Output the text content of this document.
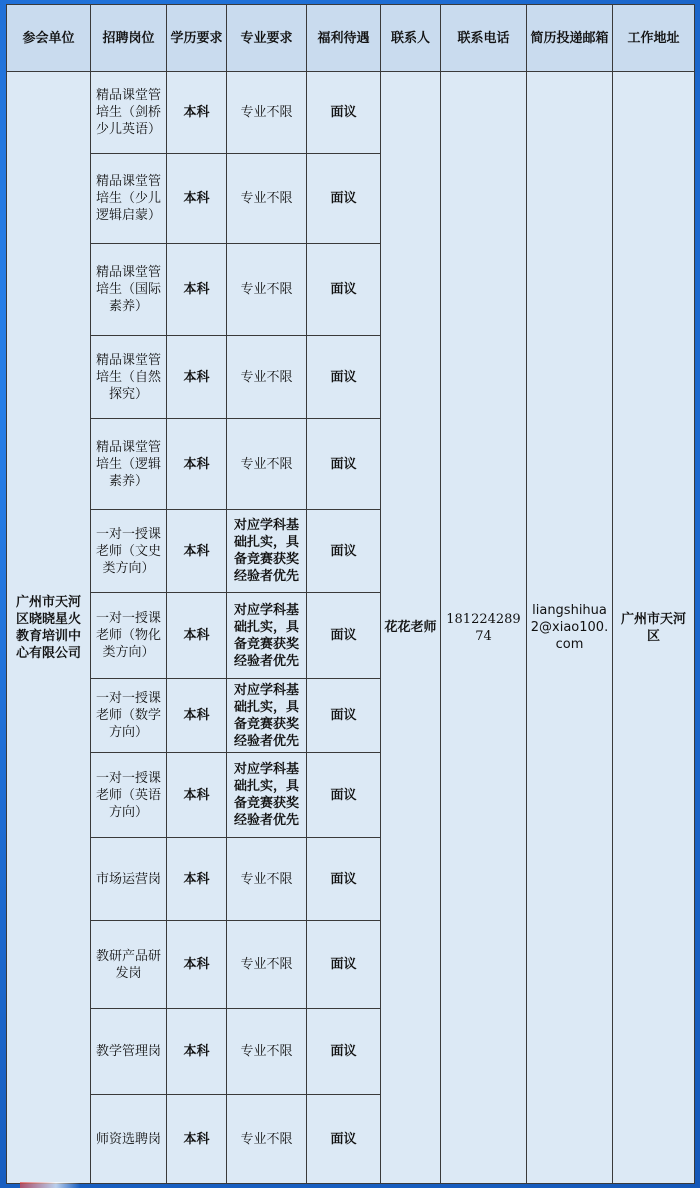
参会单位	招聘岗位	学历要求	专业要求	福利待遇	联系人	联系电话	简历投递邮箱	工作地址
广州市天河区晓晓星火教育培训中心有限公司	精品课堂管培生（剑桥少儿英语）	本科	专业不限	面议	花花老师	18122428974	liangshihua2@xiao100.com	广州市天河区
	精品课堂管培生（少儿逻辑启蒙）	本科	专业不限	面议				
	精品课堂管培生（国际素养）	本科	专业不限	面议				
	精品课堂管培生（自然探究）	本科	专业不限	面议				
	精品课堂管培生（逻辑素养）	本科	专业不限	面议				
	一对一授课老师（文史类方向）	本科	对应学科基础扎实，具备竞赛获奖经验者优先	面议				
	一对一授课老师（物化类方向）	本科	对应学科基础扎实，具备竞赛获奖经验者优先	面议				
	一对一授课老师（数学方向）	本科	对应学科基础扎实，具备竞赛获奖经验者优先	面议				
	一对一授课老师（英语方向）	本科	对应学科基础扎实，具备竞赛获奖经验者优先	面议				
	市场运营岗	本科	专业不限	面议				
	教研产品研发岗	本科	专业不限	面议				
	教学管理岗	本科	专业不限	面议				
	师资选聘岗	本科	专业不限	面议				
